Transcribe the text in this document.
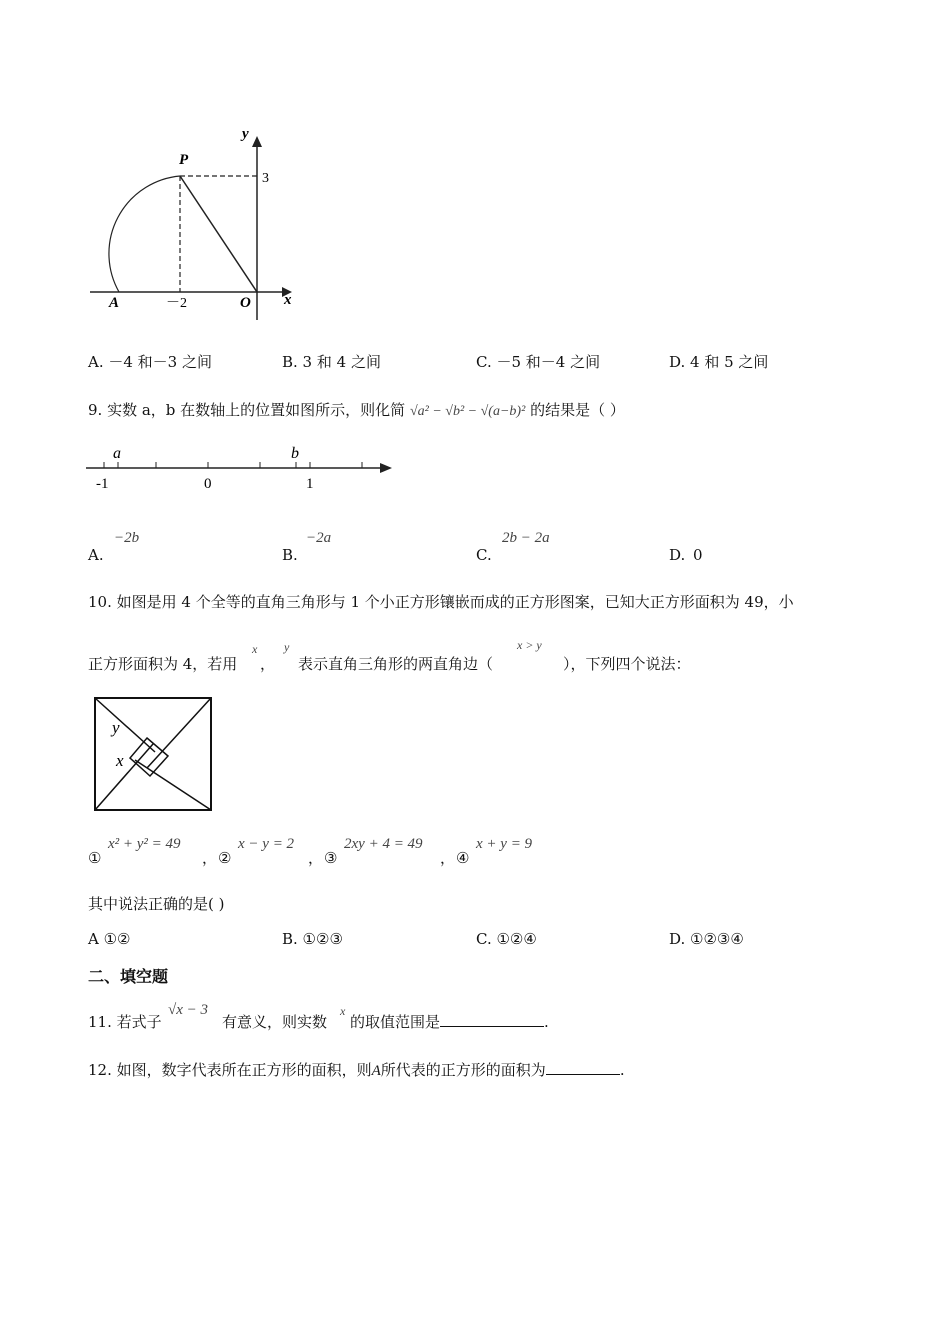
y
x
P
A	O
3
－2
A. －4 和－3 之间	B. 3 和 4 之间	C. －5 和－4 之间	D. 4 和 5 之间
9. 实数 a，b 在数轴上的位置如图所示，则化简 √a² − √b² − √(a−b)² 的结果是（ ）
a	b
-1	0	1
A.
−2b
B.
−2a
C.
2b − 2a
D. 0
10. 如图是用 4 个全等的直角三角形与 1 个小正方形镶嵌而成的正方形图案，已知大正方形面积为 49，小
正方形面积为 4，若用
x
，
y
表示直角三角形的两直角边（
x > y
），下列四个说法：
y
x
①
x² + y² = 49
， ②
x − y = 2
， ③
2xy + 4 = 49
， ④
x + y = 9
其中说法正确的是( )
A ①②	B. ①②③	C. ①②④	D. ①②③④
二、填空题
11. 若式子
√x − 3
有意义，则实数
x
的取值范围是	.
12. 如图，数字代表所在正方形的面积，则A所代表的正方形的面积为	.
